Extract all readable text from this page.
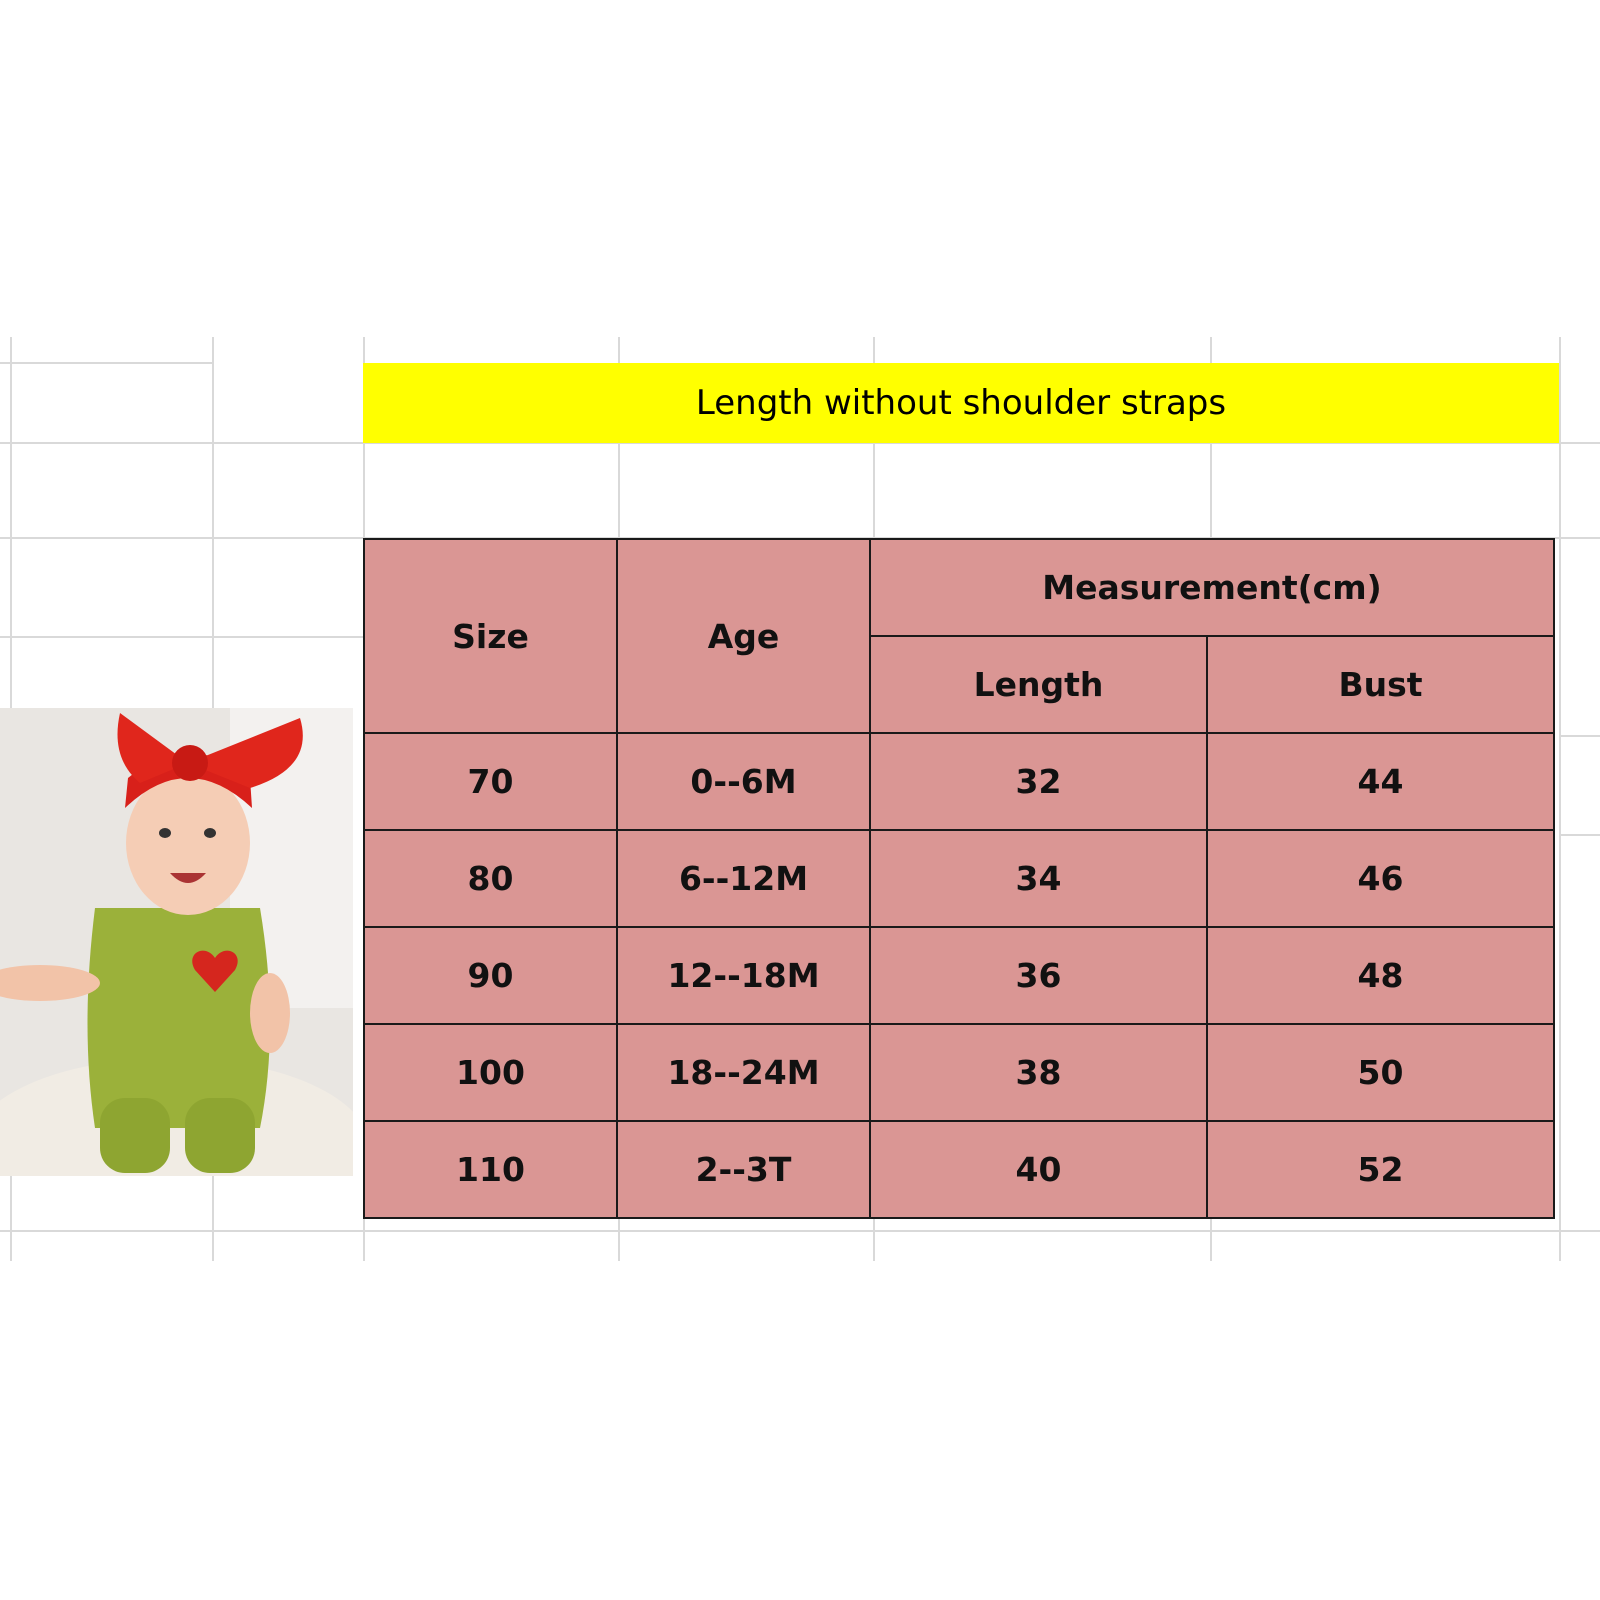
Length without shoulder straps
Size	Age	Measurement(cm)	
		Length	Bust
70	0--6M	32	44
80	6--12M	34	46
90	12--18M	36	48
100	18--24M	38	50
110	2--3T	40	52
